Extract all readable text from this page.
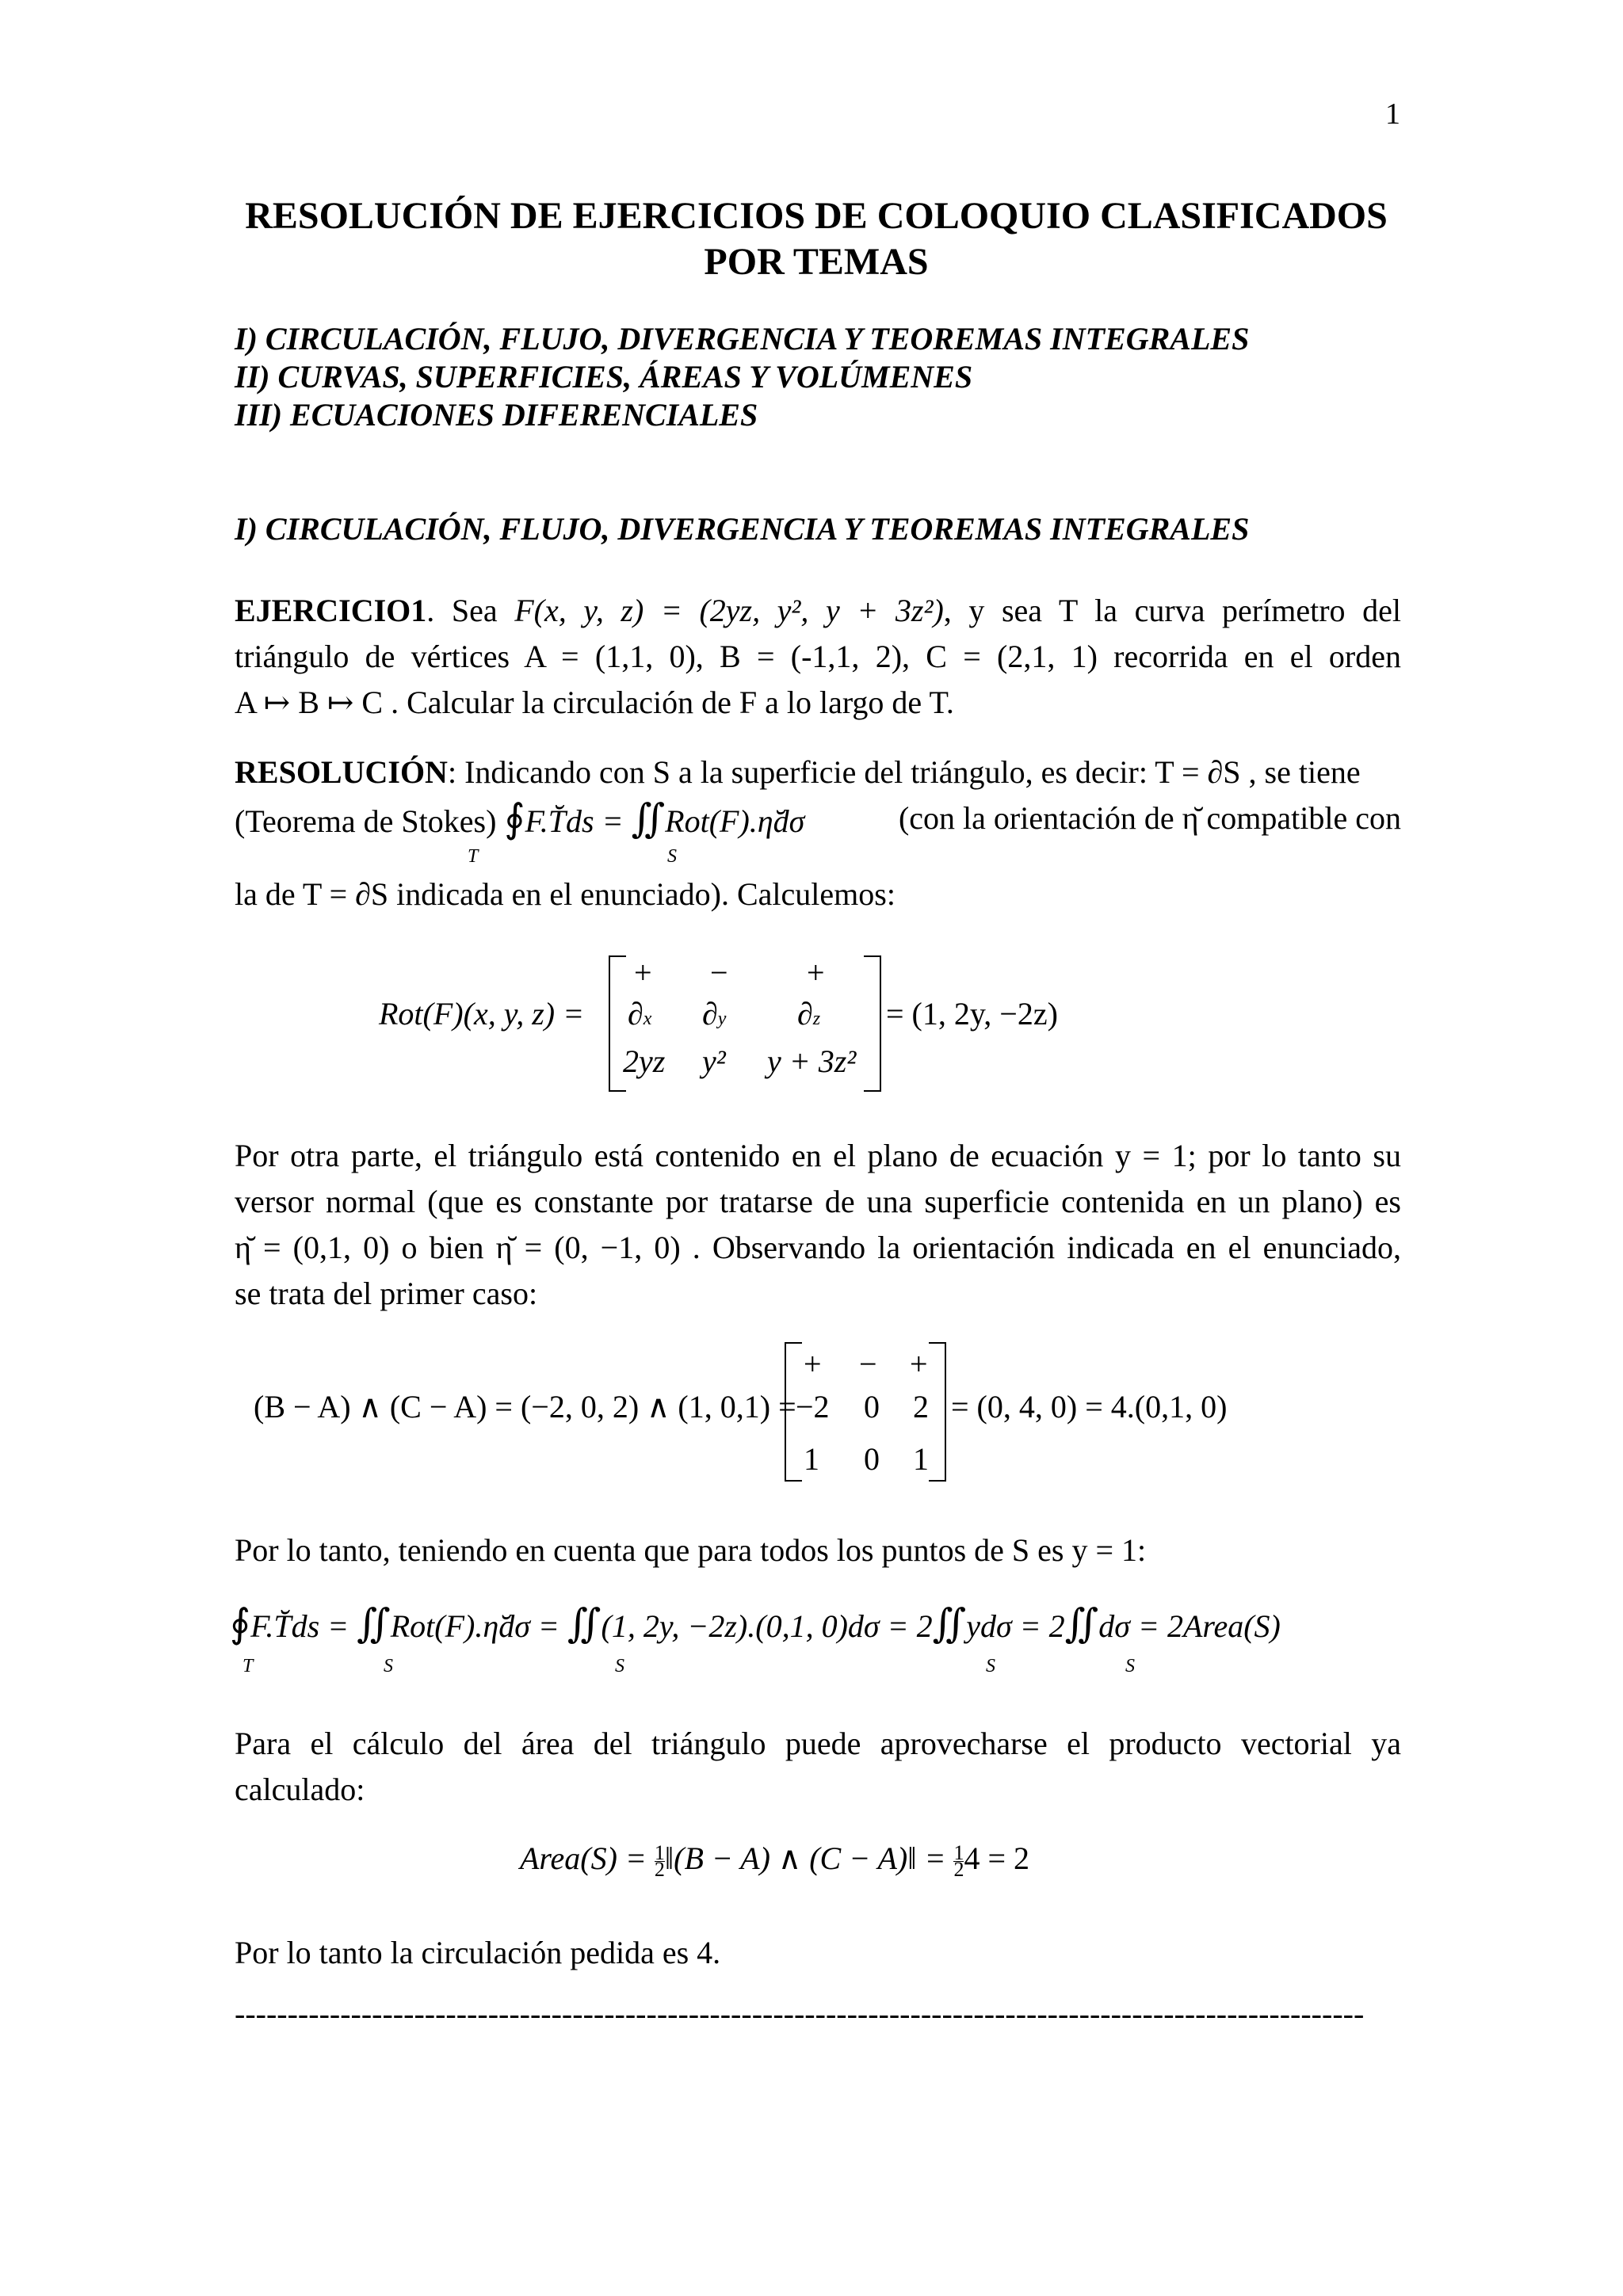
1
RESOLUCIÓN DE EJERCICIOS DE COLOQUIO CLASIFICADOS
POR TEMAS
I) CIRCULACIÓN, FLUJO, DIVERGENCIA Y TEOREMAS INTEGRALES
II) CURVAS, SUPERFICIES, ÁREAS Y VOLÚMENES
III) ECUACIONES DIFERENCIALES
I) CIRCULACIÓN, FLUJO, DIVERGENCIA Y TEOREMAS INTEGRALES
EJERCICIO1. Sea F(x, y, z) = (2yz, y², y + 3z²), y sea T la curva perímetro del
triángulo de vértices A = (1,1, 0), B = (-1,1, 2), C = (2,1, 1) recorrida en el orden
A ↦ B ↦ C . Calcular la circulación de F a lo largo de T.
RESOLUCIÓN: Indicando con S a la superficie del triángulo, es decir: T = ∂S , se tiene
(Teorema de Stokes) ∮F.T̆ds = ∬Rot(F).η̆dσ	(con la orientación de η̆ compatible con
T	S
la de T = ∂S indicada en el enunciado). Calculemos:
Rot(F)(x, y, z) =
+ − +
∂x ∂y ∂z
2yz y² y + 3z²
= (1, 2y, −2z)
Por otra parte, el triángulo está contenido en el plano de ecuación y = 1; por lo tanto su
versor normal (que es constante por tratarse de una superficie contenida en un plano) es
η̆ = (0,1, 0) o bien η̆ = (0, −1, 0) . Observando la orientación indicada en el enunciado,
se trata del primer caso:
(B − A) ∧ (C − A) = (−2, 0, 2) ∧ (1, 0,1) =
+ − +
−2 0 2
1 0 1
= (0, 4, 0) = 4.(0,1, 0)
Por lo tanto, teniendo en cuenta que para todos los puntos de S es y = 1:
∮F.T̆ds = ∬Rot(F).η̆dσ = ∬(1, 2y, −2z).(0,1, 0)dσ = 2∬ydσ = 2∬dσ = 2Area(S)
T	S	S	S	S
Para el cálculo del área del triángulo puede aprovecharse el producto vectorial ya
calculado:
Area(S) = $\frac{1}{2}$ ‖(B − A) ∧ (C − A)‖ = $\frac{1}{2} 4 = 2$
Por lo tanto la circulación pedida es 4.
-----------------------------------------------------------------------------------------------------------
